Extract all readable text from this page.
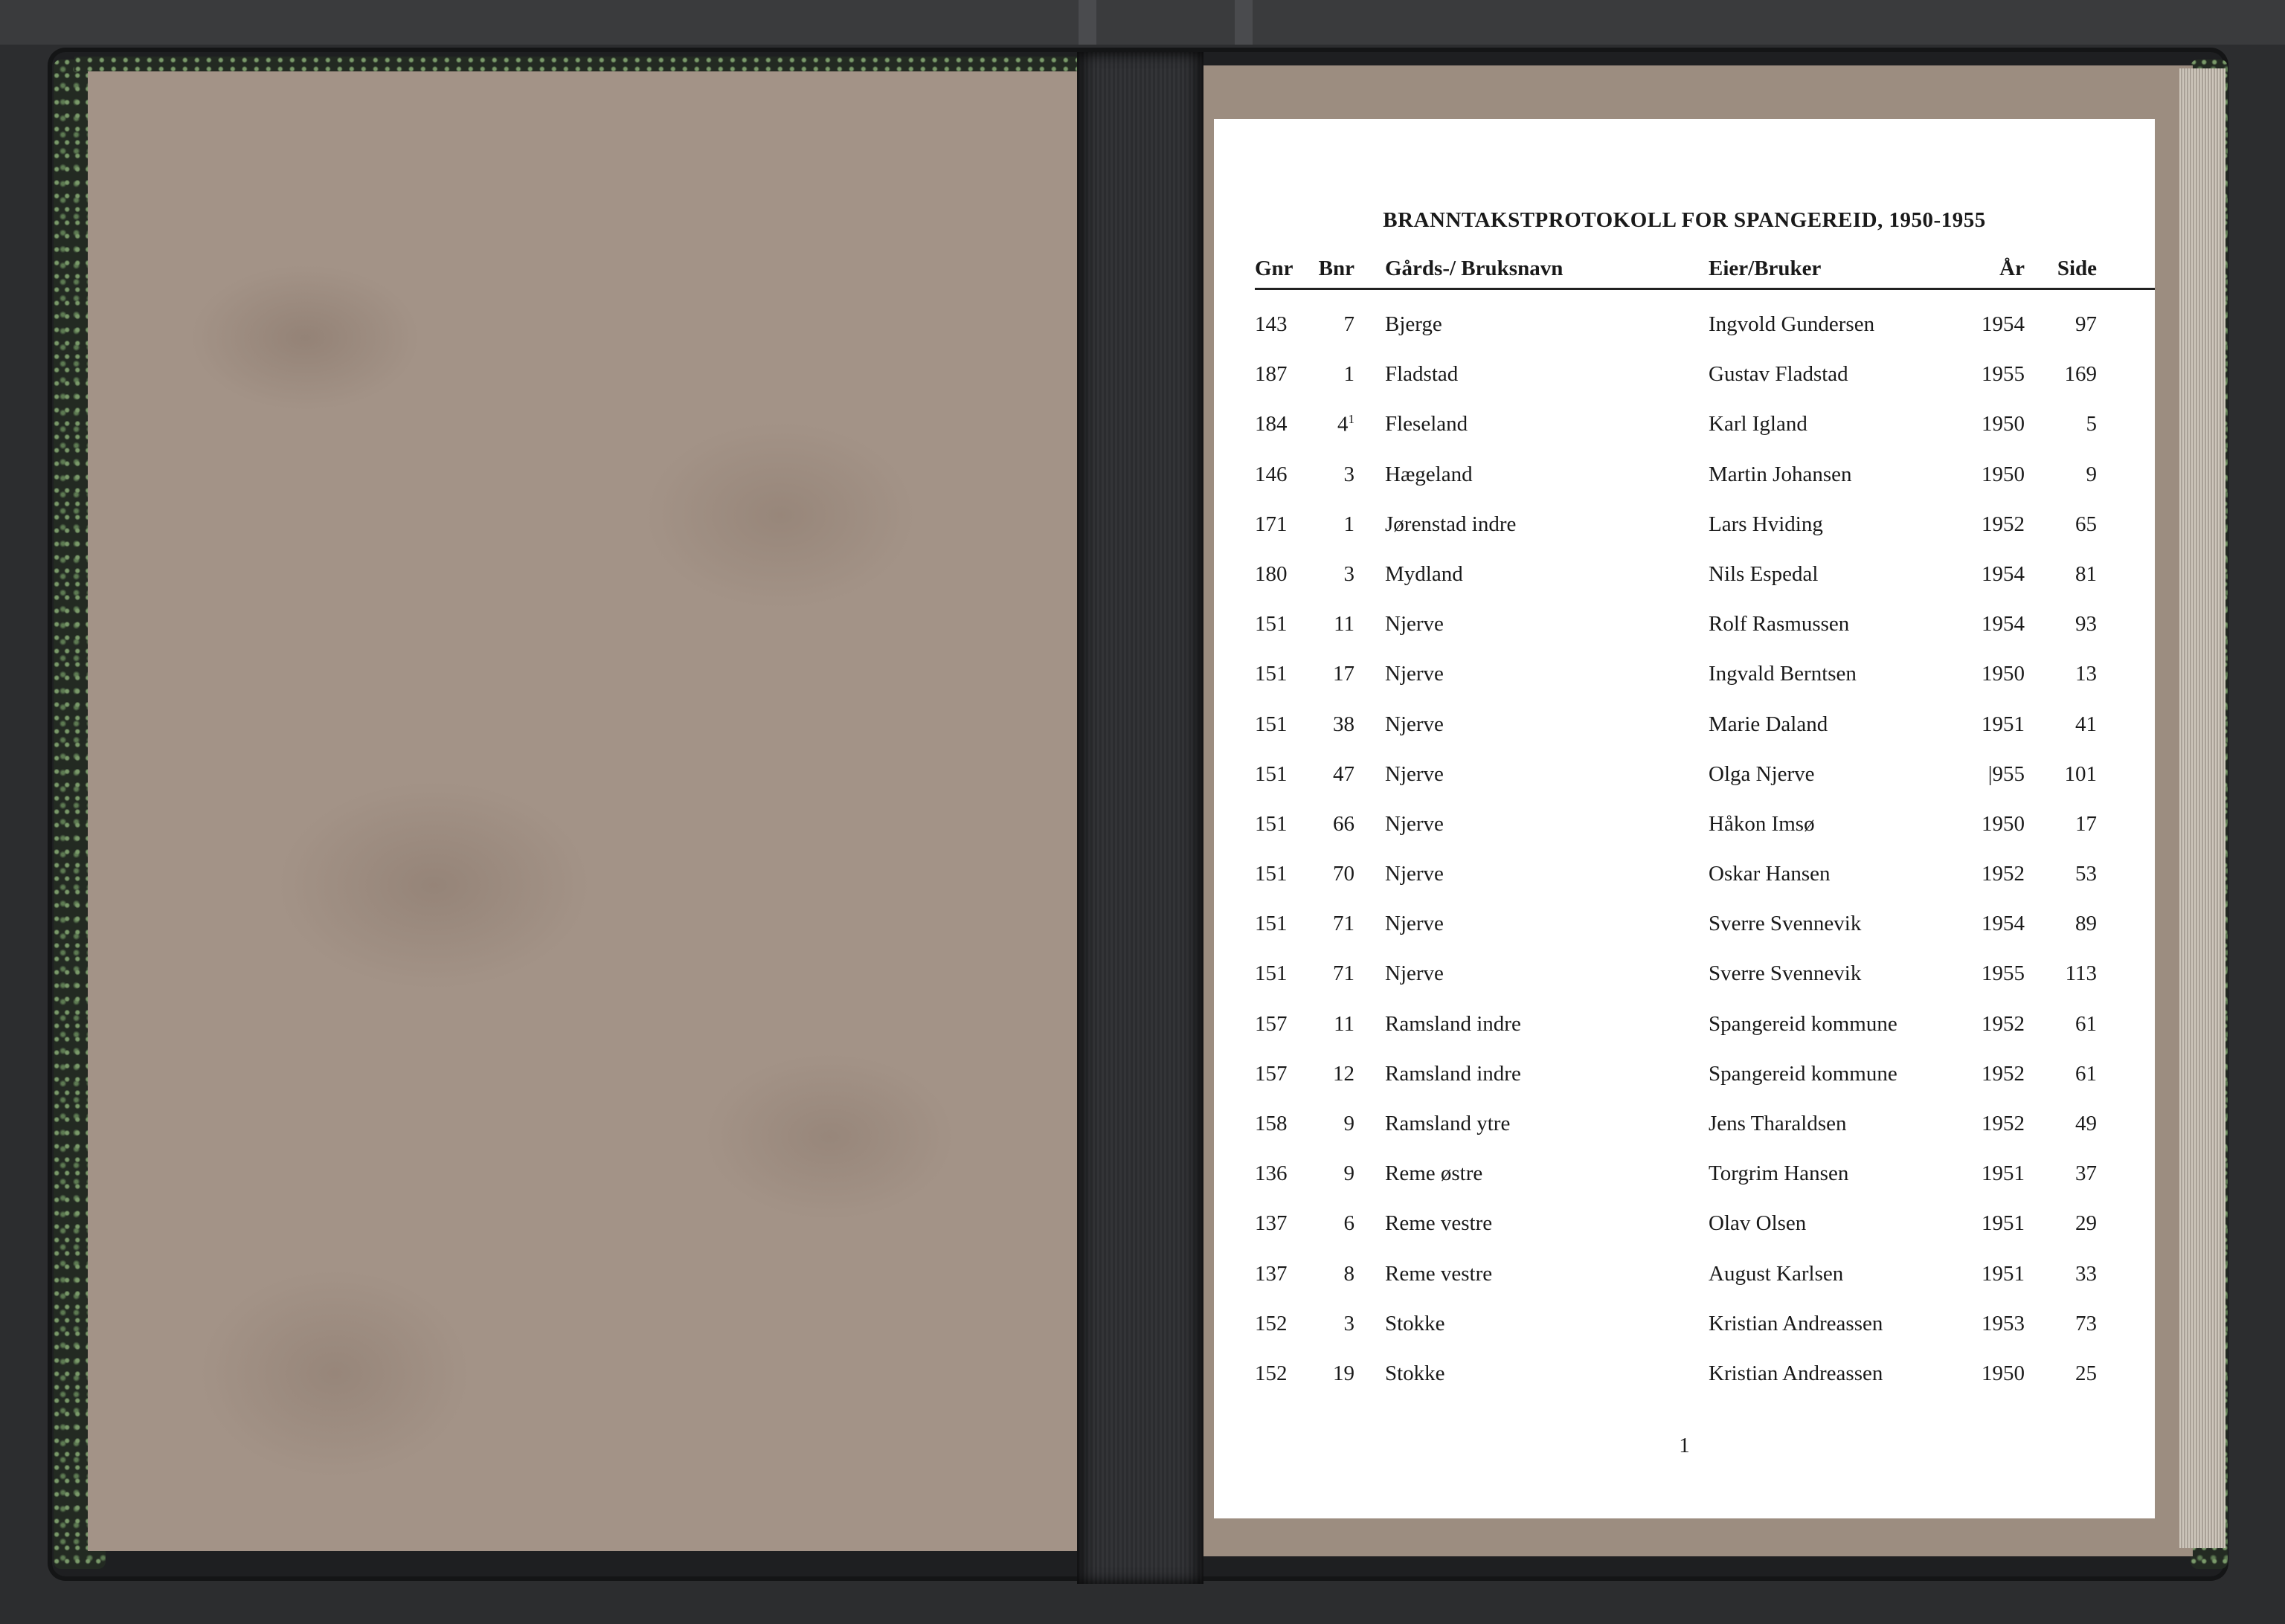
BRANNTAKSTPROTOKOLL FOR SPANGEREID, 1950-1955
Gnr	Bnr Gårds-/ Bruksnavn	Eier/Bruker	År	Side
143	7 Bjerge	Ingvold Gundersen	1954	97
187	1 Fladstad	Gustav Fladstad	1955	169
184	$4^1$ Fleseland	Karl Igland	1950	5
146	3 Hægeland	Martin Johansen	1950	9
171	1 Jørenstad indre	Lars Hviding	1952	65
180	3 Mydland	Nils Espedal	1954	81
151	11 Njerve	Rolf Rasmussen	1954	93
151	17 Njerve	Ingvald Berntsen	1950	13
151	38 Njerve	Marie Daland	1951	41
151	47 Njerve	Olga Njerve	|955	101
151	66 Njerve	Håkon Imsø	1950	17
151	70 Njerve	Oskar Hansen	1952	53
151	71 Njerve	Sverre Svennevik	1954	89
151	71 Njerve	Sverre Svennevik	1955	113
157	11 Ramsland indre	Spangereid kommune	1952	61
157	12 Ramsland indre	Spangereid kommune	1952	61
158	9 Ramsland ytre	Jens Tharaldsen	1952	49
136	9 Reme østre	Torgrim Hansen	1951	37
137	6 Reme vestre	Olav Olsen	1951	29
137	8 Reme vestre	August Karlsen	1951	33
152	3 Stokke	Kristian Andreassen	1953	73
152	19 Stokke	Kristian Andreassen	1950	25
1
